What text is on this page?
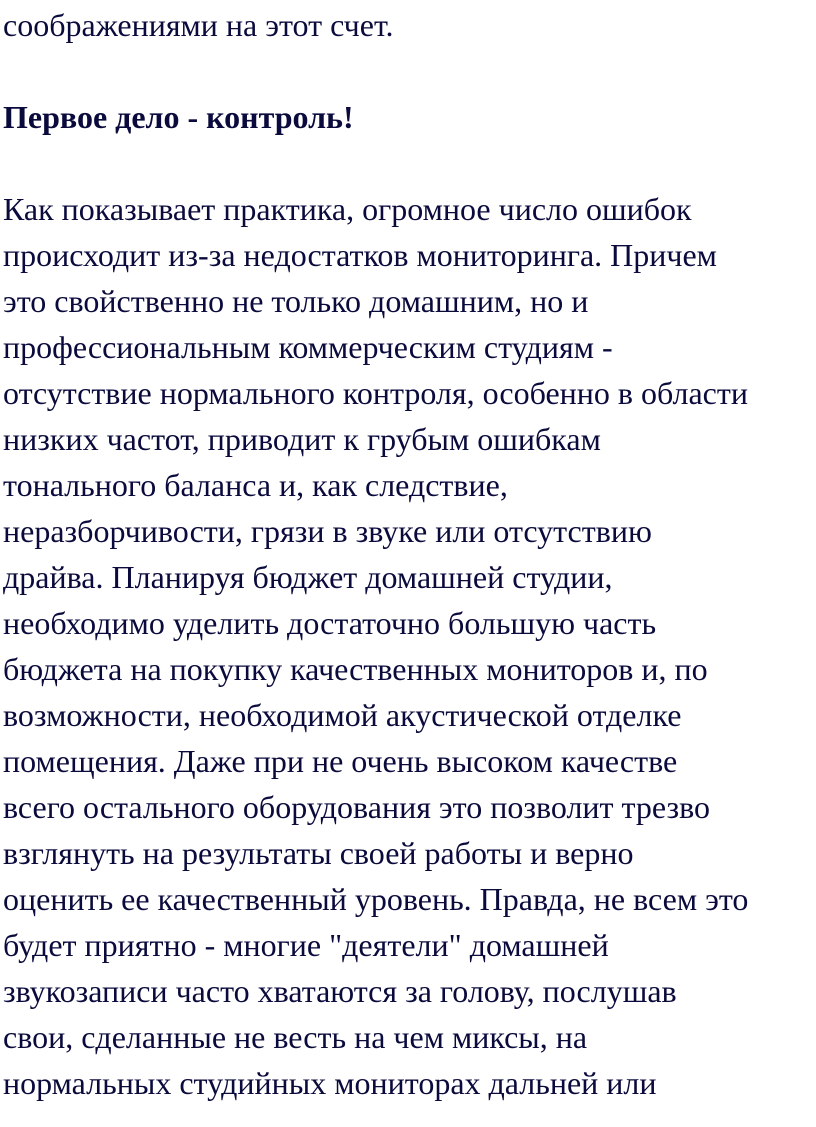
соображениями на этот счет.
Первое дело - контроль!
Как показывает практика, огромное число ошибок
происходит из-за недостатков мониторинга. Причем
это свойственно не только домашним, но и
профессиональным коммерческим студиям -
отсутствие нормального контроля, особенно в области
низких частот, приводит к грубым ошибкам
тонального баланса и, как следствие,
неразборчивости, грязи в звуке или отсутствию
драйва. Планируя бюджет домашней студии,
необходимо уделить достаточно большую часть
бюджета на покупку качественных мониторов и, по
возможности, необходимой акустической отделке
помещения. Даже при не очень высоком качестве
всего остального оборудования это позволит трезво
взглянуть на результаты своей работы и верно
оценить ее качественный уровень. Правда, не всем это
будет приятно - многие "деятели" домашней
звукозаписи часто хватаются за голову, послушав
свои, сделанные не весть на чем миксы, на
нормальных студийных мониторах дальней или
